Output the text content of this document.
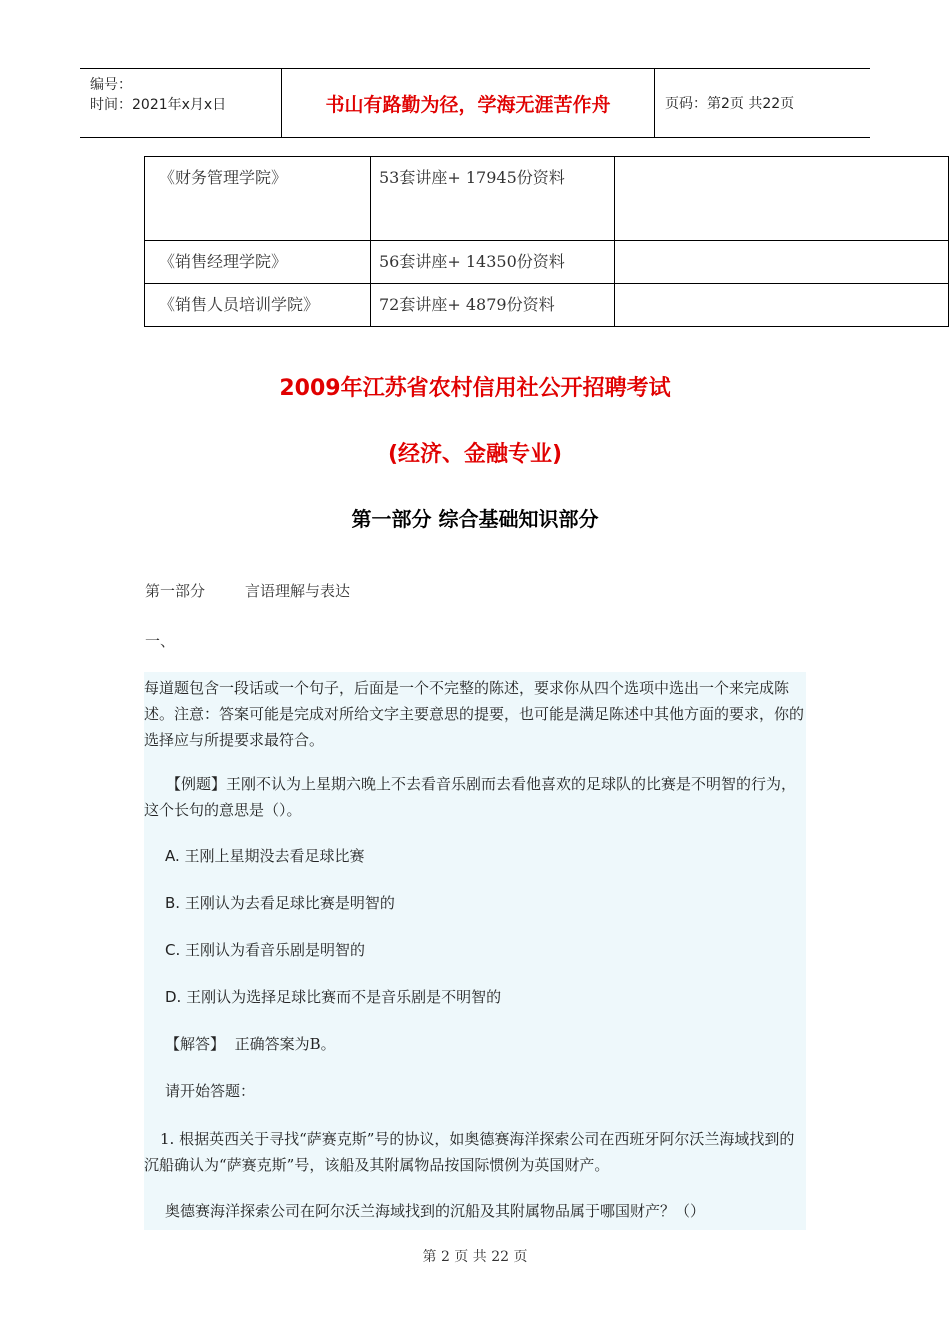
编号：
时间：2021年x月x日	书山有路勤为径，学海无涯苦作舟	页码：第2页 共22页
《财务管理学院》	53套讲座+ 17945份资料	
《销售经理学院》	56套讲座+ 14350份资料	
《销售人员培训学院》	72套讲座+ 4879份资料	
2009年江苏省农村信用社公开招聘考试
(经济、金融专业)
第一部分 综合基础知识部分
第一部分	言语理解与表达
一、
每道题包含一段话或一个句子，后面是一个不完整的陈述，要求你从四个选项中选出一个来完成陈述。注意：答案可能是完成对所给文字主要意思的提要，也可能是满足陈述中其他方面的要求，你的选择应与所提要求最符合。
【例题】王刚不认为上星期六晚上不去看音乐剧而去看他喜欢的足球队的比赛是不明智的行为，这个长句的意思是（）。
A. 王刚上星期没去看足球比赛
B. 王刚认为去看足球比赛是明智的
C. 王刚认为看音乐剧是明智的
D. 王刚认为选择足球比赛而不是音乐剧是不明智的
【解答】 正确答案为B。
请开始答题：
1. 根据英西关于寻找“萨赛克斯”号的协议，如奥德赛海洋探索公司在西班牙阿尔沃兰海域找到的沉船确认为“萨赛克斯”号，该船及其附属物品按国际惯例为英国财产。
奥德赛海洋探索公司在阿尔沃兰海域找到的沉船及其附属物品属于哪国财产？（）
第 2 页 共 22 页
